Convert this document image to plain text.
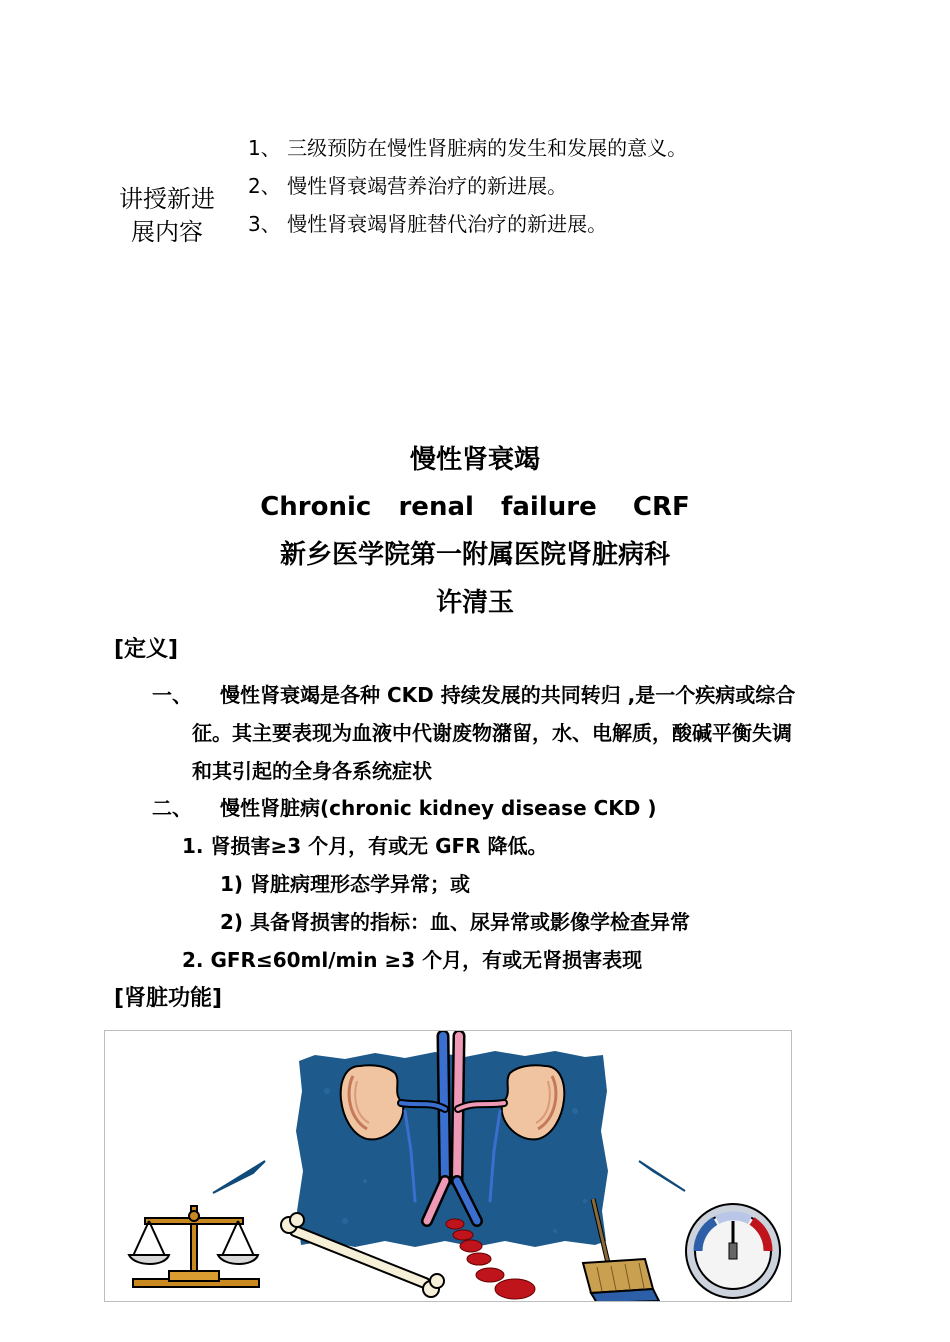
讲授新进展内容
1、 三级预防在慢性肾脏病的发生和发展的意义。
2、 慢性肾衰竭营养治疗的新进展。
3、 慢性肾衰竭肾脏替代治疗的新进展。
慢性肾衰竭
Chronic   renal   failure    CRF
新乡医学院第一附属医院肾脏病科
许清玉
[定义]
一、 慢性肾衰竭是各种 CKD 持续发展的共同转归 ,是一个疾病或综合
征。其主要表现为血液中代谢废物潴留，水、电解质，酸碱平衡失调
和其引起的全身各系统症状
二、 慢性肾脏病(chronic kidney disease CKD )
1. 肾损害≥3 个月，有或无 GFR 降低。
1) 肾脏病理形态学异常；或
2) 具备肾损害的指标：血、尿异常或影像学检查异常
2. GFR≤60ml/min ≥3 个月，有或无肾损害表现
[肾脏功能]
